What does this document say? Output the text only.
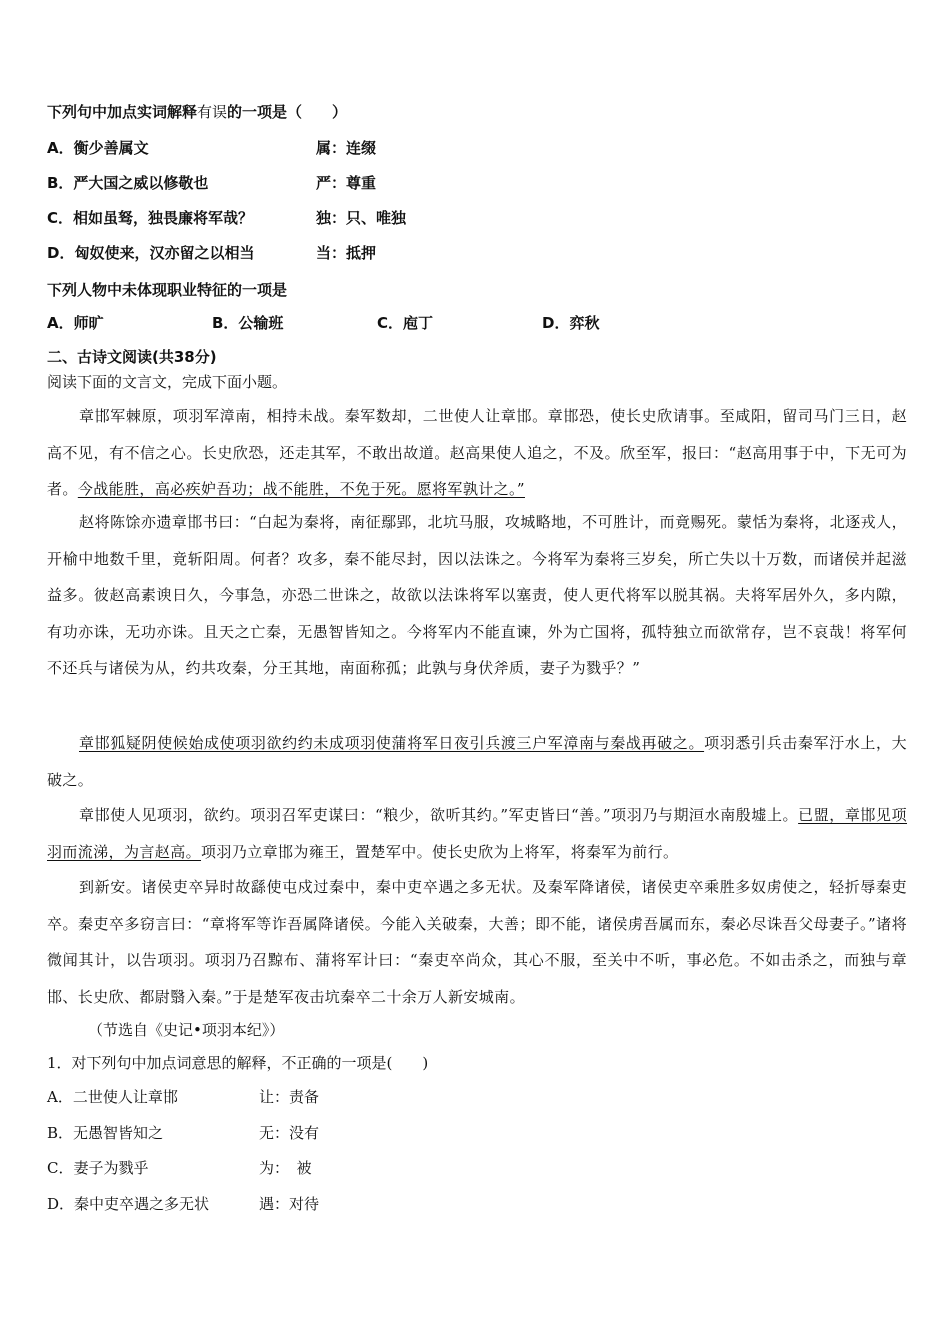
下列句中加点实词解释有误的一项是（　　）
A．衡少善属文	属：连缀
B．严大国之威以修敬也	严：尊重
C．相如虽驽，独畏廉将军哉？	独：只、唯独
D．匈奴使来，汉亦留之以相当	当：抵押
下列人物中未体现职业特征的一项是
A．师旷	B．公输班	C．庖丁	D．弈秋
二、古诗文阅读(共38分)
阅读下面的文言文，完成下面小题。
章邯军棘原，项羽军漳南，相持未战。秦军数却，二世使人让章邯。章邯恐，使长史欣请事。至咸阳，留司马门三日，赵高不见，有不信之心。长史欣恐，还走其军，不敢出故道。赵高果使人追之，不及。欣至军，报曰：“赵高用事于中，下无可为者。今战能胜，高必疾妒吾功；战不能胜，不免于死。愿将军孰计之。”
赵将陈馀亦遗章邯书曰：“白起为秦将，南征鄢郢，北坑马服，攻城略地，不可胜计，而竟赐死。蒙恬为秦将，北逐戎人，开榆中地数千里，竟斩阳周。何者？攻多，秦不能尽封，因以法诛之。今将军为秦将三岁矣，所亡失以十万数，而诸侯并起滋益多。彼赵高素谀日久，今事急，亦恐二世诛之，故欲以法诛将军以塞责，使人更代将军以脱其祸。夫将军居外久，多内隙，有功亦诛，无功亦诛。且天之亡秦，无愚智皆知之。今将军内不能直谏，外为亡国将，孤特独立而欲常存，岂不哀哉！将军何不还兵与诸侯为从，约共攻秦，分王其地，南面称孤；此孰与身伏斧质，妻子为戮乎？”
章邯狐疑阴使候始成使项羽欲约约未成项羽使蒲将军日夜引兵渡三户军漳南与秦战再破之。项羽悉引兵击秦军汙水上，大破之。
章邯使人见项羽，欲约。项羽召军吏谋曰：“粮少，欲听其约。”军吏皆曰“善。”项羽乃与期洹水南殷墟上。已盟，章邯见项羽而流涕，为言赵高。项羽乃立章邯为雍王，置楚军中。使长史欣为上将军，将秦军为前行。
到新安。诸侯吏卒异时故繇使屯戍过秦中，秦中吏卒遇之多无状。及秦军降诸侯，诸侯吏卒乘胜多奴虏使之，轻折辱秦吏卒。秦吏卒多窃言曰：“章将军等诈吾属降诸侯。今能入关破秦，大善；即不能，诸侯虏吾属而东，秦必尽诛吾父母妻子。”诸将微闻其计，以告项羽。项羽乃召黥布、蒲将军计曰：“秦吏卒尚众，其心不服，至关中不听，事必危。不如击杀之，而独与章邯、长史欣、都尉翳入秦。”于是楚军夜击坑秦卒二十余万人新安城南。
（节选自《史记•项羽本纪》）
1．对下列句中加点词意思的解释，不正确的一项是(　　)
A．二世使人让章邯	让：责备
B．无愚智皆知之	无：没有
C．妻子为戮乎	为：　被
D．秦中吏卒遇之多无状	遇：对待
